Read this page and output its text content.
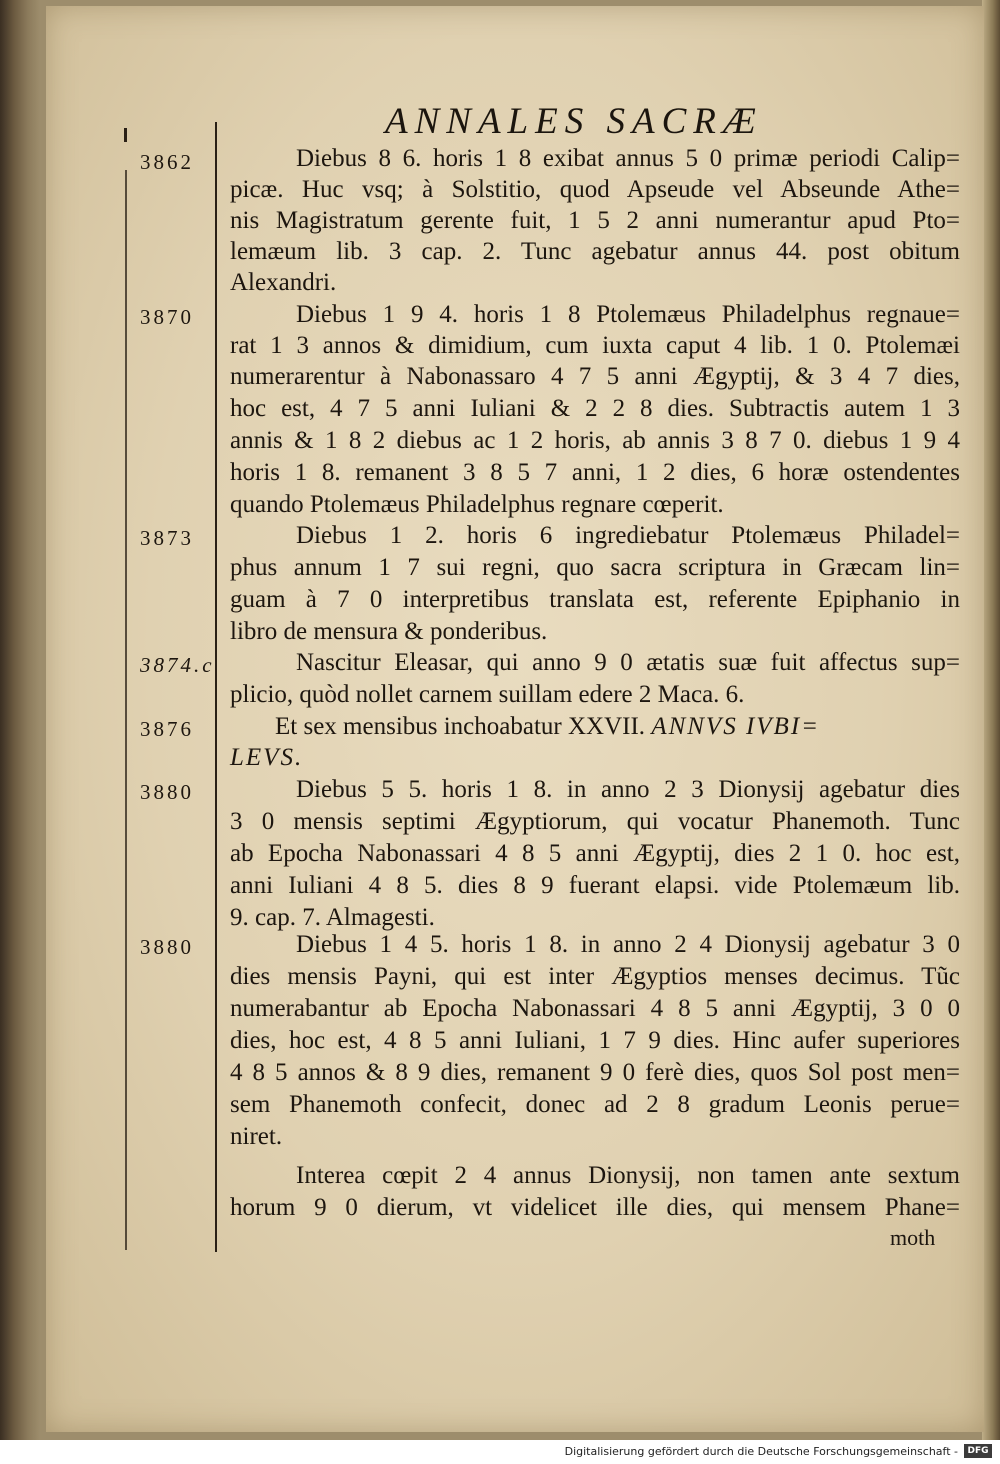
ANNALES SACRÆ
3862	Diebus 8 6. horis 1 8 exibat annus 5 0 primæ periodi Calip=
picæ. Huc vsq; à Solstitio, quod Apseude vel Abseunde Athe=
nis Magistratum gerente fuit, 1 5 2 anni numerantur apud Pto=
lemæum lib. 3 cap. 2. Tunc agebatur annus 44. post obitum
Alexandri.
3870	Diebus 1 9 4. horis 1 8 Ptolemæus Philadelphus regnaue=
rat 1 3 annos & dimidium, cum iuxta caput 4 lib. 1 0. Ptolemæi
numerarentur à Nabonassaro 4 7 5 anni Ægyptij, & 3 4 7 dies,
hoc est, 4 7 5 anni Iuliani & 2 2 8 dies. Subtractis autem 1 3
annis & 1 8 2 diebus ac 1 2 horis, ab annis 3 8 7 0. diebus 1 9 4
horis 1 8. remanent 3 8 5 7 anni, 1 2 dies, 6 horæ ostendentes
quando Ptolemæus Philadelphus regnare cœperit.
3873	Diebus 1 2. horis 6 ingrediebatur Ptolemæus Philadel=
phus annum 1 7 sui regni, quo sacra scriptura in Græcam lin=
guam à 7 0 interpretibus translata est, referente Epiphanio in
libro de mensura & ponderibus.
3874.c	Nascitur Eleasar, qui anno 9 0 ætatis suæ fuit affectus sup=
plicio, quòd nollet carnem suillam edere 2 Maca. 6.
3876	Et sex mensibus inchoabatur XXVII. ANNVS IVBI=
LEVS.
3880	Diebus 5 5. horis 1 8. in anno 2 3 Dionysij agebatur dies
3 0 mensis septimi Ægyptiorum, qui vocatur Phanemoth. Tunc
ab Epocha Nabonassari 4 8 5 anni Ægyptij, dies 2 1 0. hoc est,
anni Iuliani 4 8 5. dies 8 9 fuerant elapsi. vide Ptolemæum lib.
9. cap. 7. Almagesti.
3880	Diebus 1 4 5. horis 1 8. in anno 2 4 Dionysij agebatur 3 0
dies mensis Payni, qui est inter Ægyptios menses decimus. Tũc
numerabantur ab Epocha Nabonassari 4 8 5 anni Ægyptij, 3 0 0
dies, hoc est, 4 8 5 anni Iuliani, 1 7 9 dies. Hinc aufer superiores
4 8 5 annos & 8 9 dies, remanent 9 0 ferè dies, quos Sol post men=
sem Phanemoth confecit, donec ad 2 8 gradum Leonis perue=
niret.
Interea cœpit 2 4 annus Dionysij, non tamen ante sextum
horum 9 0 dierum, vt videlicet ille dies, qui mensem Phane=
moth
Digitalisierung gefördert durch die Deutsche Forschungsgemeinschaft -	DFG
